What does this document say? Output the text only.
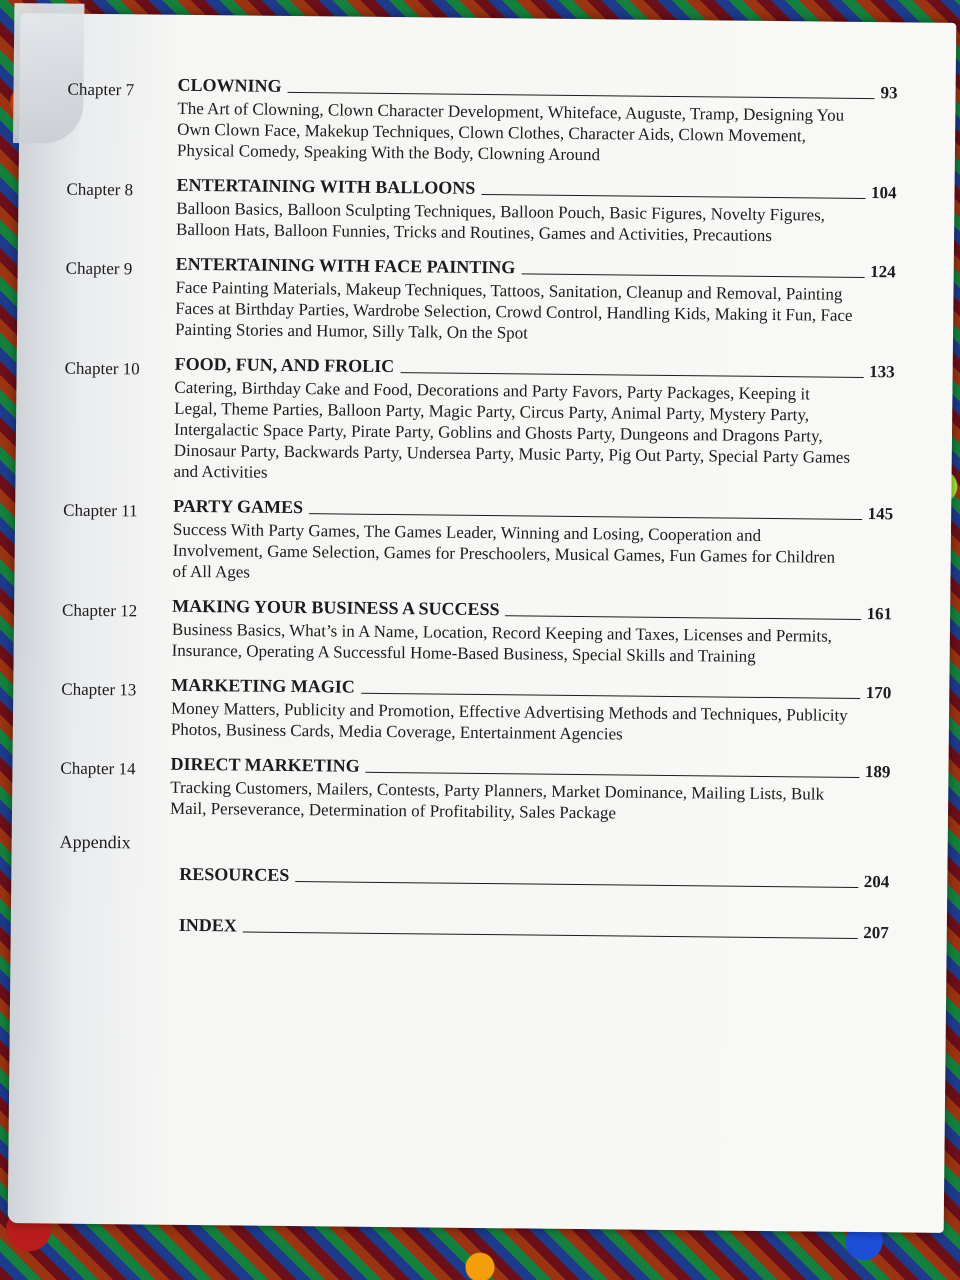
Chapter 7	CLOWNING	93
The Art of Clowning, Clown Character Development, Whiteface, Auguste, Tramp, Designing You Own Clown Face, Makekup Techniques, Clown Clothes, Character Aids, Clown Movement, Physical Comedy, Speaking With the Body, Clowning Around
Chapter 8	ENTERTAINING WITH BALLOONS	104
Balloon Basics, Balloon Sculpting Techniques, Balloon Pouch, Basic Figures, Novelty Figures, Balloon Hats, Balloon Funnies, Tricks and Routines, Games and Activities, Precautions
Chapter 9	ENTERTAINING WITH FACE PAINTING	124
Face Painting Materials, Makeup Techniques, Tattoos, Sanitation, Cleanup and Removal, Painting Faces at Birthday Parties, Wardrobe Selection, Crowd Control, Handling Kids, Making it Fun, Face Painting Stories and Humor, Silly Talk, On the Spot
Chapter 10	FOOD, FUN, AND FROLIC	133
Catering, Birthday Cake and Food, Decorations and Party Favors, Party Packages, Keeping it Legal, Theme Parties, Balloon Party, Magic Party, Circus Party, Animal Party, Mystery Party, Intergalactic Space Party, Pirate Party, Goblins and Ghosts Party, Dungeons and Dragons Party, Dinosaur Party, Backwards Party, Undersea Party, Music Party, Pig Out Party, Special Party Games and Activities
Chapter 11	PARTY GAMES	145
Success With Party Games, The Games Leader, Winning and Losing, Cooperation and Involvement, Game Selection, Games for Preschoolers, Musical Games, Fun Games for Children of All Ages
Chapter 12	MAKING YOUR BUSINESS A SUCCESS	161
Business Basics, What’s in A Name, Location, Record Keeping and Taxes, Licenses and Permits, Insurance, Operating A Successful Home-Based Business, Special Skills and Training
Chapter 13	MARKETING MAGIC	170
Money Matters, Publicity and Promotion, Effective Advertising Methods and Techniques, Publicity Photos, Business Cards, Media Coverage, Entertainment Agencies
Chapter 14	DIRECT MARKETING	189
Tracking Customers, Mailers, Contests, Party Planners, Market Dominance, Mailing Lists, Bulk Mail, Perseverance, Determination of Profitability, Sales Package
Appendix
RESOURCES	204
INDEX	207
